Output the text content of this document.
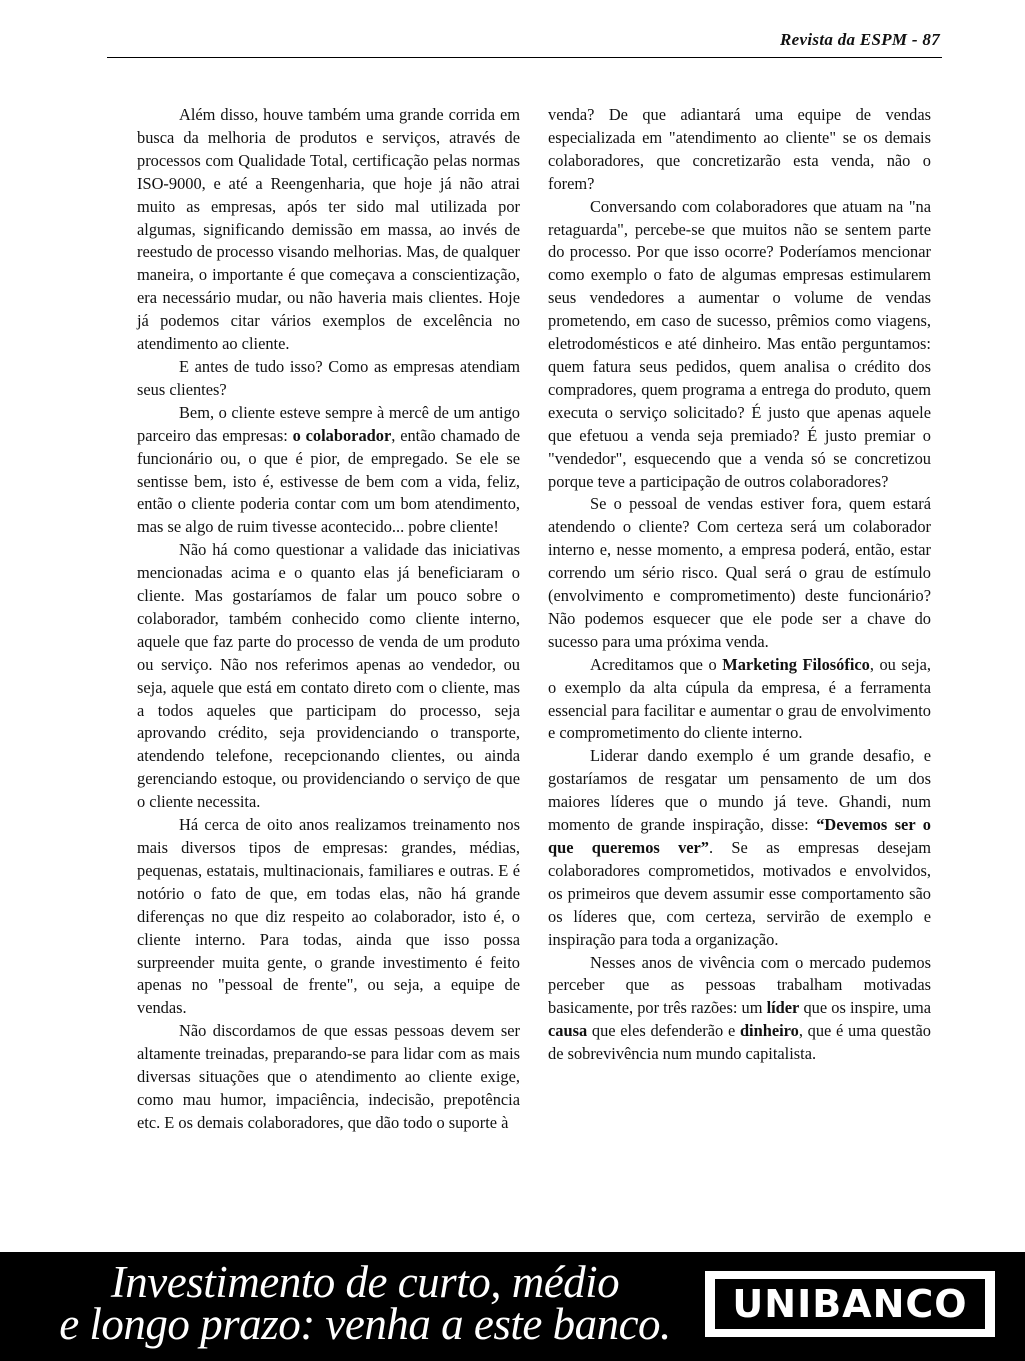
Revista da ESPM - 87

Além disso, houve também uma grande corrida em busca da melhoria de produtos e serviços, através de processos com Qualidade Total, certificação pelas normas ISO-9000, e até a Reengenharia, que hoje já não atrai muito as empresas, após ter sido mal utilizada por algumas, significando demissão em massa, ao invés de reestudo de processo visando melhorias. Mas, de qualquer maneira, o importante é que começava a conscientização, era necessário mudar, ou não haveria mais clientes. Hoje já podemos citar vários exemplos de excelência no atendimento ao cliente.

E antes de tudo isso? Como as empresas atendiam seus clientes?

Bem, o cliente esteve sempre à mercê de um antigo parceiro das empresas: o colaborador, então chamado de funcionário ou, o que é pior, de empregado. Se ele se sentisse bem, isto é, estivesse de bem com a vida, feliz, então o cliente poderia contar com um bom atendimento, mas se algo de ruim tivesse acontecido... pobre cliente!

Não há como questionar a validade das iniciativas mencionadas acima e o quanto elas já beneficiaram o cliente. Mas gostaríamos de falar um pouco sobre o colaborador, também conhecido como cliente interno, aquele que faz parte do processo de venda de um produto ou serviço. Não nos referimos apenas ao vendedor, ou seja, aquele que está em contato direto com o cliente, mas a todos aqueles que participam do processo, seja aprovando crédito, seja providenciando o transporte, atendendo telefone, recepcionando clientes, ou ainda gerenciando estoque, ou providenciando o serviço de que o cliente necessita.

Há cerca de oito anos realizamos treinamento nos mais diversos tipos de empresas: grandes, médias, pequenas, estatais, multinacionais, familiares e outras. E é notório o fato de que, em todas elas, não há grande diferenças no que diz respeito ao colaborador, isto é, o cliente interno. Para todas, ainda que isso possa surpreender muita gente, o grande investimento é feito apenas no "pessoal de frente", ou seja, a equipe de vendas.

Não discordamos de que essas pessoas devem ser altamente treinadas, preparando-se para lidar com as mais diversas situações que o atendimento ao cliente exige, como mau humor, impaciência, indecisão, prepotência etc. E os demais colaboradores, que dão todo o suporte à

venda? De que adiantará uma equipe de vendas especializada em "atendimento ao cliente" se os demais colaboradores, que concretizarão esta venda, não o forem?

Conversando com colaboradores que atuam na "na retaguarda", percebe-se que muitos não se sentem parte do processo. Por que isso ocorre? Poderíamos mencionar como exemplo o fato de algumas empresas estimularem seus vendedores a aumentar o volume de vendas prometendo, em caso de sucesso, prêmios como viagens, eletrodomésticos e até dinheiro. Mas então perguntamos: quem fatura seus pedidos, quem analisa o crédito dos compradores, quem programa a entrega do produto, quem executa o serviço solicitado? É justo que apenas aquele que efetuou a venda seja premiado? É justo premiar o "vendedor", esquecendo que a venda só se concretizou porque teve a participação de outros colaboradores?

Se o pessoal de vendas estiver fora, quem estará atendendo o cliente? Com certeza será um colaborador interno e, nesse momento, a empresa poderá, então, estar correndo um sério risco. Qual será o grau de estímulo (envolvimento e comprometimento) deste funcionário? Não podemos esquecer que ele pode ser a chave do sucesso para uma próxima venda.

Acreditamos que o Marketing Filosófico, ou seja, o exemplo da alta cúpula da empresa, é a ferramenta essencial para facilitar e aumentar o grau de envolvimento e comprometimento do cliente interno.

Liderar dando exemplo é um grande desafio, e gostaríamos de resgatar um pensamento de um dos maiores líderes que o mundo já teve. Ghandi, num momento de grande inspiração, disse: “Devemos ser o que queremos ver”. Se as empresas desejam colaboradores comprometidos, motivados e envolvidos, os primeiros que devem assumir esse comportamento são os líderes que, com certeza, servirão de exemplo e inspiração para toda a organização.

Nesses anos de vivência com o mercado pudemos perceber que as pessoas trabalham motivadas basicamente, por três razões: um líder que os inspire, uma causa que eles defenderão e dinheiro, que é uma questão de sobrevivência num mundo capitalista.

Investimento de curto, médio
e longo prazo: venha a este banco.	UNIBANCO
